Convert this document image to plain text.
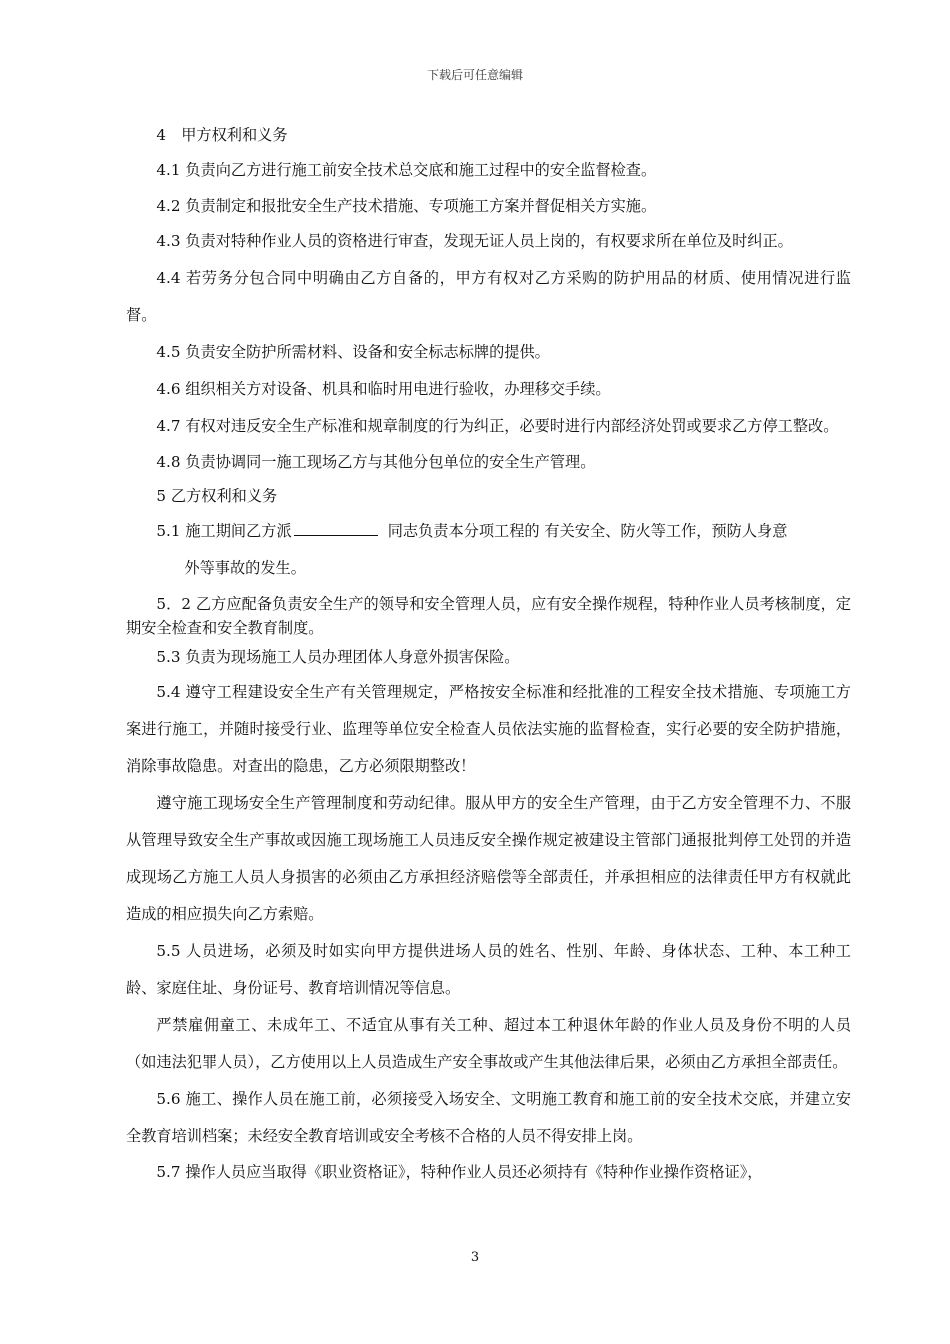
下载后可任意编辑

4　甲方权利和义务

4.1 负责向乙方进行施工前安全技术总交底和施工过程中的安全监督检查。

4.2 负责制定和报批安全生产技术措施、专项施工方案并督促相关方实施。

4.3 负责对特种作业人员的资格进行审查，发现无证人员上岗的，有权要求所在单位及时纠正。

4.4 若劳务分包合同中明确由乙方自备的，甲方有权对乙方采购的防护用品的材质、使用情况进行监督。

4.5 负责安全防护所需材料、设备和安全标志标牌的提供。

4.6 组织相关方对设备、机具和临时用电进行验收，办理移交手续。

4.7 有权对违反安全生产标准和规章制度的行为纠正，必要时进行内部经济处罚或要求乙方停工整改。

4.8 负责协调同一施工现场乙方与其他分包单位的安全生产管理。

5 乙方权利和义务

5.1 施工期间乙方派	同志负责本分项工程的 有关安全、防火等工作，预防人身意

外等事故的发生。

5．2 乙方应配备负责安全生产的领导和安全管理人员，应有安全操作规程，特种作业人员考核制度，定期安全检查和安全教育制度。

5.3 负责为现场施工人员办理团体人身意外损害保险。

5.4 遵守工程建设安全生产有关管理规定，严格按安全标准和经批准的工程安全技术措施、专项施工方案进行施工，并随时接受行业、监理等单位安全检查人员依法实施的监督检查，实行必要的安全防护措施，消除事故隐患。对查出的隐患，乙方必须限期整改！

遵守施工现场安全生产管理制度和劳动纪律。服从甲方的安全生产管理，由于乙方安全管理不力、不服从管理导致安全生产事故或因施工现场施工人员违反安全操作规定被建设主管部门通报批判停工处罚的并造成现场乙方施工人员人身损害的必须由乙方承担经济赔偿等全部责任，并承担相应的法律责任甲方有权就此造成的相应损失向乙方索赔。

5.5 人员进场，必须及时如实向甲方提供进场人员的姓名、性别、年龄、身体状态、工种、本工种工龄、家庭住址、身份证号、教育培训情况等信息。

严禁雇佣童工、未成年工、不适宜从事有关工种、超过本工种退休年龄的作业人员及身份不明的人员（如违法犯罪人员），乙方使用以上人员造成生产安全事故或产生其他法律后果，必须由乙方承担全部责任。

5.6 施工、操作人员在施工前，必须接受入场安全、文明施工教育和施工前的安全技术交底，并建立安全教育培训档案；未经安全教育培训或安全考核不合格的人员不得安排上岗。

5.7 操作人员应当取得《职业资格证》，特种作业人员还必须持有《特种作业操作资格证》，

3
